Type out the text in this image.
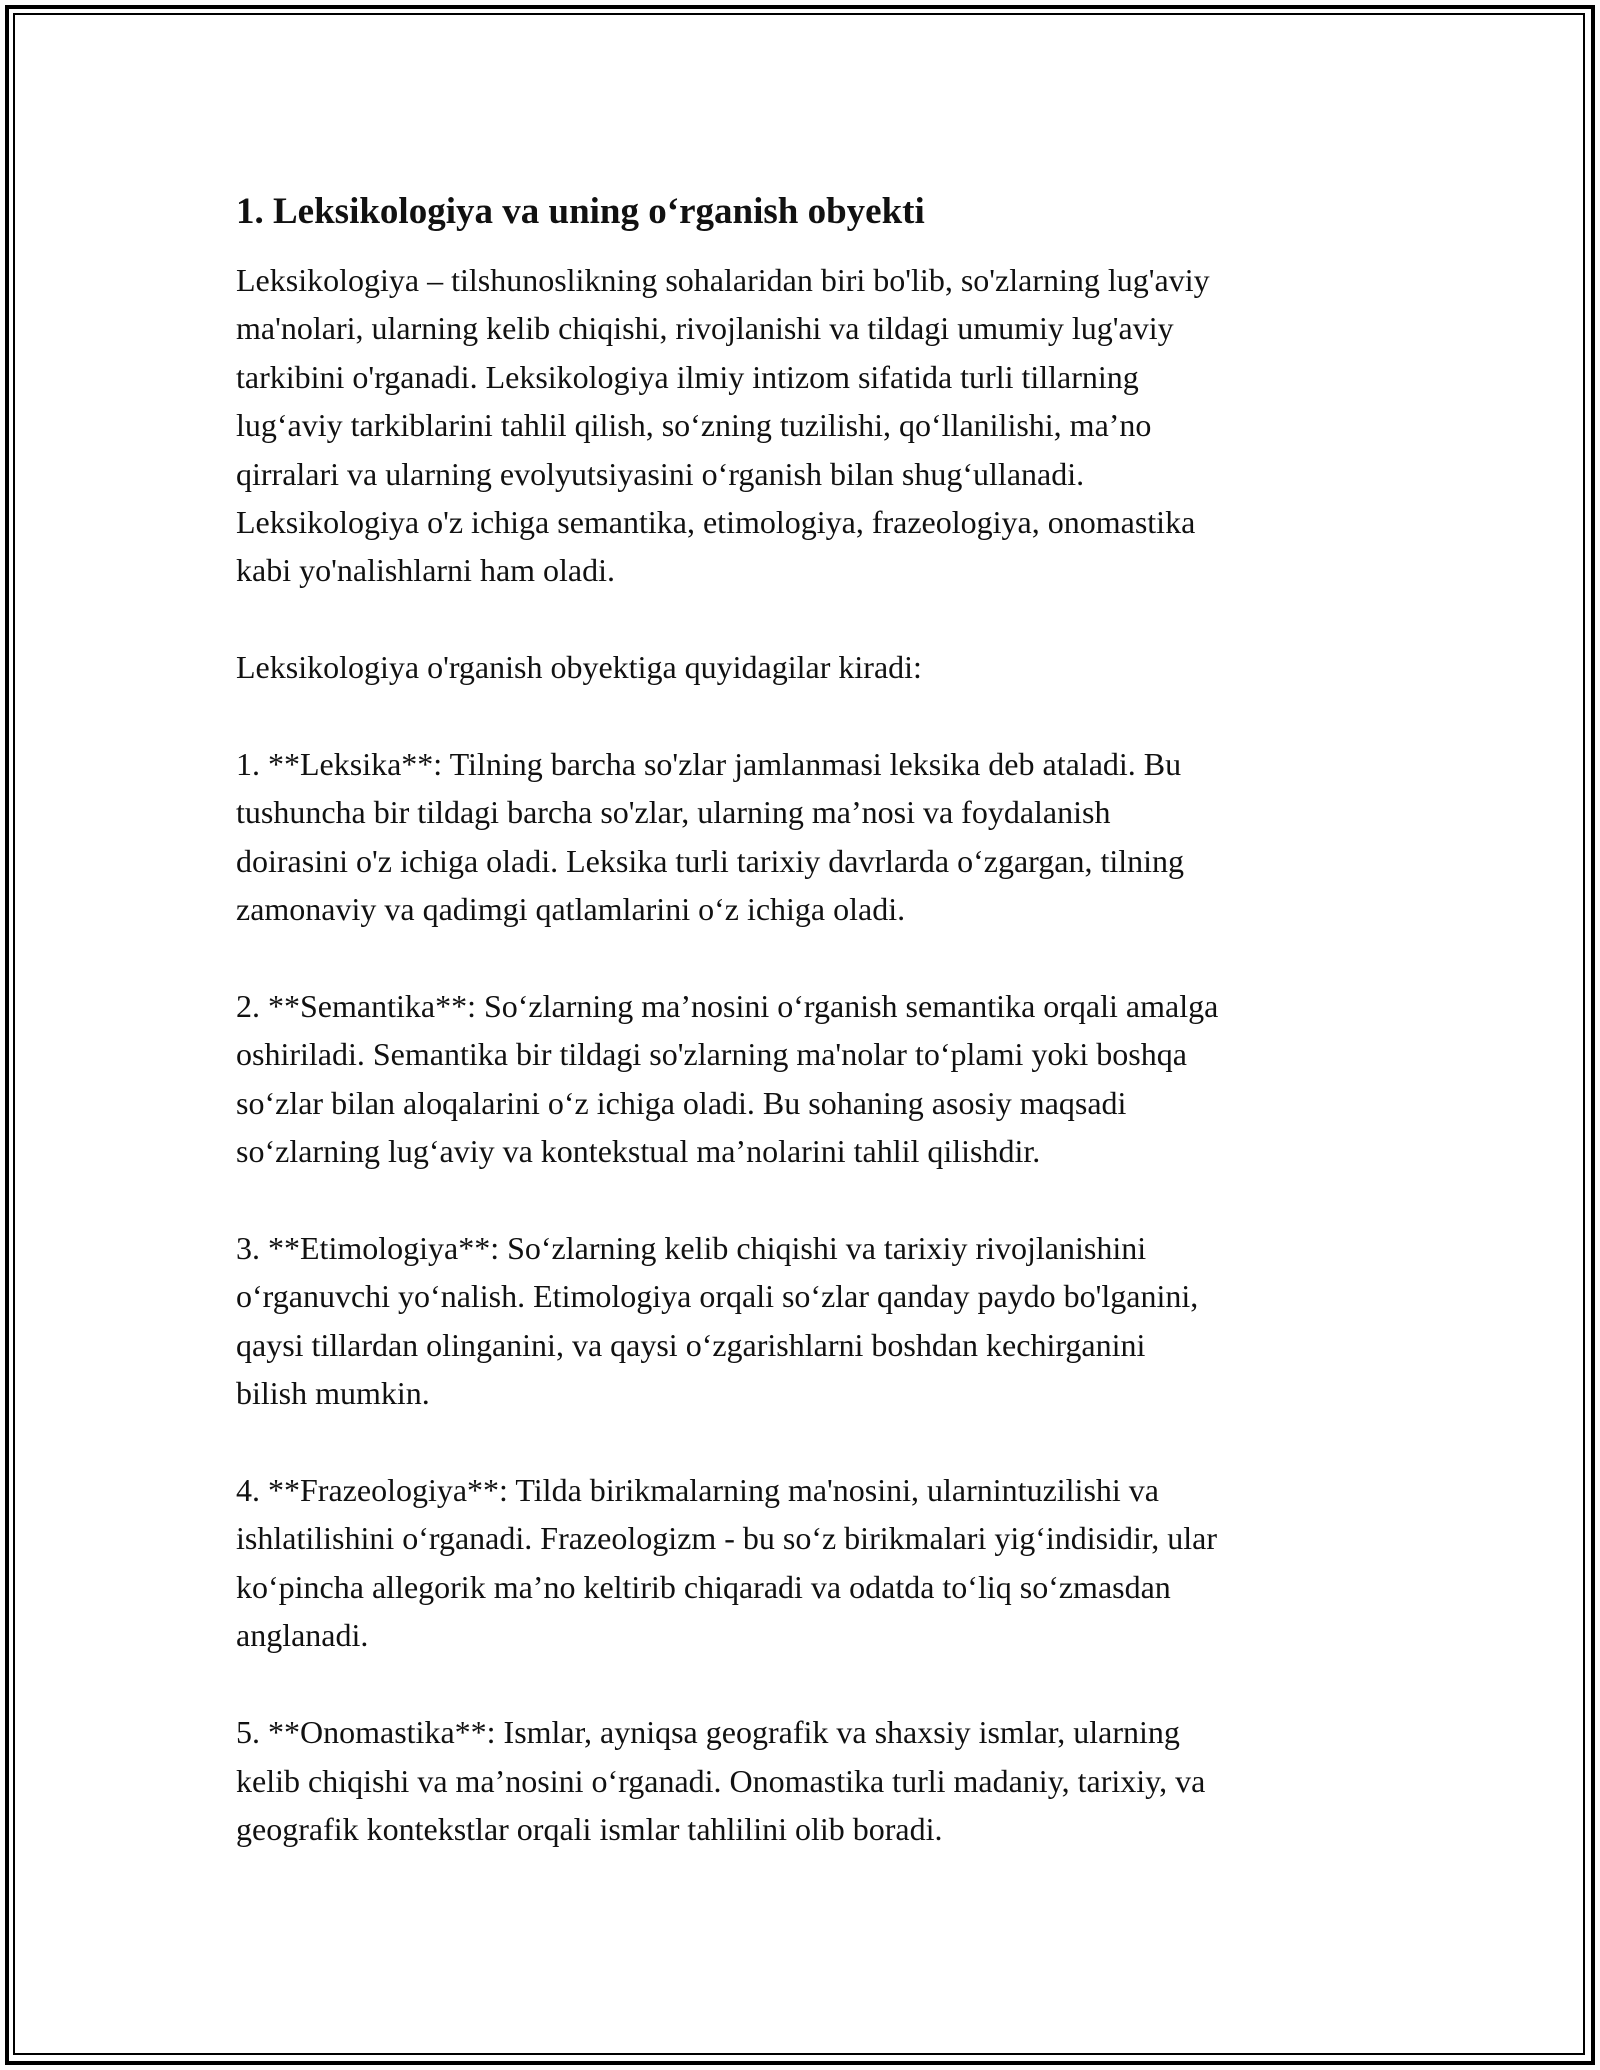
1. Leksikologiya va uning o‘rganish obyekti

Leksikologiya – tilshunoslikning sohalaridan biri bo'lib, so'zlarning lug'aviy
ma'nolari, ularning kelib chiqishi, rivojlanishi va tildagi umumiy lug'aviy
tarkibini o'rganadi. Leksikologiya ilmiy intizom sifatida turli tillarning
lug‘aviy tarkiblarini tahlil qilish, so‘zning tuzilishi, qo‘llanilishi, ma’no
qirralari va ularning evolyutsiyasini o‘rganish bilan shug‘ullanadi.
Leksikologiya o'z ichiga semantika, etimologiya, frazeologiya, onomastika
kabi yo'nalishlarni ham oladi.

Leksikologiya o'rganish obyektiga quyidagilar kiradi:

1. **Leksika**: Tilning barcha so'zlar jamlanmasi leksika deb ataladi. Bu
tushuncha bir tildagi barcha so'zlar, ularning ma’nosi va foydalanish
doirasini o'z ichiga oladi. Leksika turli tarixiy davrlarda o‘zgargan, tilning
zamonaviy va qadimgi qatlamlarini o‘z ichiga oladi.

2. **Semantika**: So‘zlarning ma’nosini o‘rganish semantika orqali amalga
oshiriladi. Semantika bir tildagi so'zlarning ma'nolar to‘plami yoki boshqa
so‘zlar bilan aloqalarini o‘z ichiga oladi. Bu sohaning asosiy maqsadi
so‘zlarning lug‘aviy va kontekstual ma’nolarini tahlil qilishdir.

3. **Etimologiya**: So‘zlarning kelib chiqishi va tarixiy rivojlanishini
o‘rganuvchi yo‘nalish. Etimologiya orqali so‘zlar qanday paydo bo'lganini,
qaysi tillardan olinganini, va qaysi o‘zgarishlarni boshdan kechirganini
bilish mumkin.

4. **Frazeologiya**: Tilda birikmalarning ma'nosini, ularnintuzilishi va
ishlatilishini o‘rganadi. Frazeologizm - bu so‘z birikmalari yig‘indisidir, ular
ko‘pincha allegorik ma’no keltirib chiqaradi va odatda to‘liq so‘zmasdan
anglanadi.

5. **Onomastika**: Ismlar, ayniqsa geografik va shaxsiy ismlar, ularning
kelib chiqishi va ma’nosini o‘rganadi. Onomastika turli madaniy, tarixiy, va
geografik kontekstlar orqali ismlar tahlilini olib boradi.
